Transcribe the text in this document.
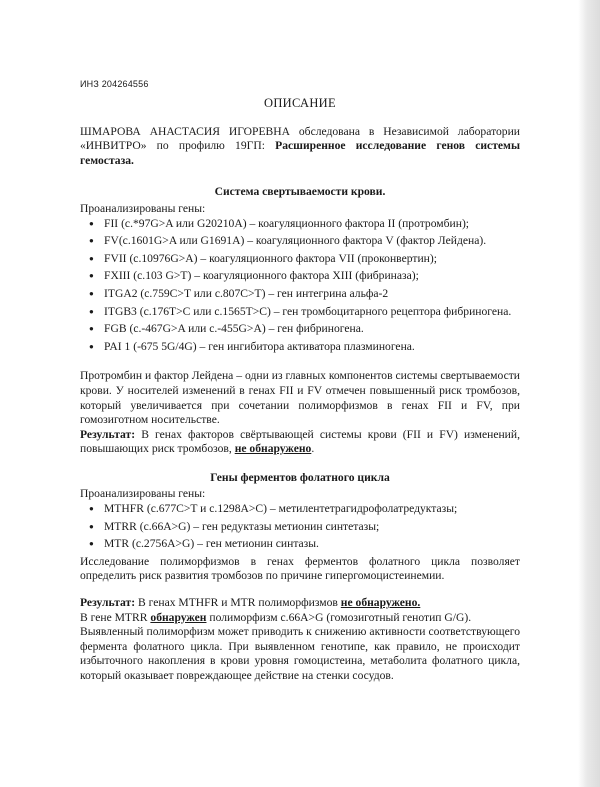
ИНЗ 204264556
ОПИСАНИЕ

ШМАРОВА АНАСТАСИЯ ИГОРЕВНА обследована в Независимой лаборатории «ИНВИТРО» по профилю 19ГП: Расширенное исследование генов системы гемостаза.

Система свертываемости крови.
Проанализированы гены:
● FII (c.*97G>A или G20210A) – коагуляционного фактора II (протромбин);
● FV(c.1601G>A или G1691A) – коагуляционного фактора V (фактор Лейдена).
● FVII (c.10976G>A) – коагуляционного фактора VII (проконвертин);
● FXIII (c.103 G>T) – коагуляционного фактора XIII (фибриназа);
● ITGA2 (c.759C>T или c.807C>T) – ген интегрина альфа-2
● ITGB3 (c.176T>C или c.1565T>C) – ген тромбоцитарного рецептора фибриногена.
● FGB (c.-467G>A или c.-455G>A) – ген фибриногена.
● PAI 1 (-675 5G/4G) – ген ингибитора активатора плазминогена.

Протромбин и фактор Лейдена – одни из главных компонентов системы свертываемости крови. У носителей изменений в генах FII и FV отмечен повышенный риск тромбозов, который увеличивается при сочетании полиморфизмов в генах FII и FV, при гомозиготном носительстве.

Результат: В генах факторов свёртывающей системы крови (FII и FV) изменений, повышающих риск тромбозов, не обнаружено.

Гены ферментов фолатного цикла
Проанализированы гены:
● MTHFR (c.677C>T и c.1298A>C) – метилентетрагидрофолатредуктазы;
● MTRR (c.66A>G) – ген редуктазы метионин синтетазы;
● MTR (c.2756A>G) – ген метионин синтазы.

Исследование полиморфизмов в генах ферментов фолатного цикла позволяет определить риск развития тромбозов по причине гипергомоцистеинемии.

Результат: В генах MTHFR и MTR полиморфизмов не обнаружено.

В гене MTRR обнаружен полиморфизм c.66A>G (гомозиготный генотип G/G).

Выявленный полиморфизм может приводить к снижению активности соответствующего фермента фолатного цикла. При выявленном генотипе, как правило, не происходит избыточного накопления в крови уровня гомоцистеина, метаболита фолатного цикла, который оказывает повреждающее действие на стенки сосудов.
